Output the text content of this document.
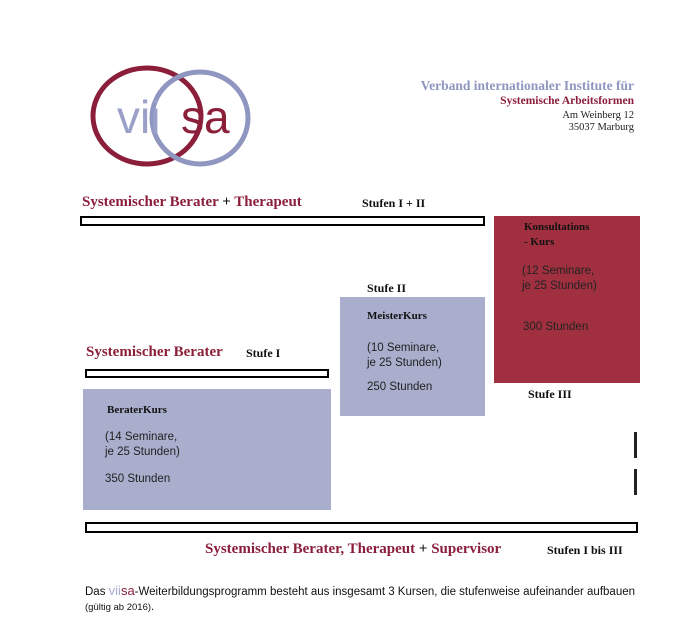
vii sa
Verband internationaler Institute für
Systemische Arbeitsformen
Am Weinberg 12
35037 Marburg
Systemischer Berater + Therapeut	Stufen I + II
Konsultations
- Kurs
(12 Seminare,
je 25 Stunden)
300 Stunden
Stufe II
MeisterKurs
(10 Seminare,
je 25 Stunden)
250 Stunden
Systemischer Berater Stufe I
Stufe III
BeraterKurs
(14 Seminare,
je 25 Stunden)
350 Stunden
Systemischer Berater, Therapeut + Supervisor	Stufen I bis III
Das viisa-Weiterbildungsprogramm besteht aus insgesamt 3 Kursen, die stufenweise aufeinander aufbauen (gültig ab 2016).
